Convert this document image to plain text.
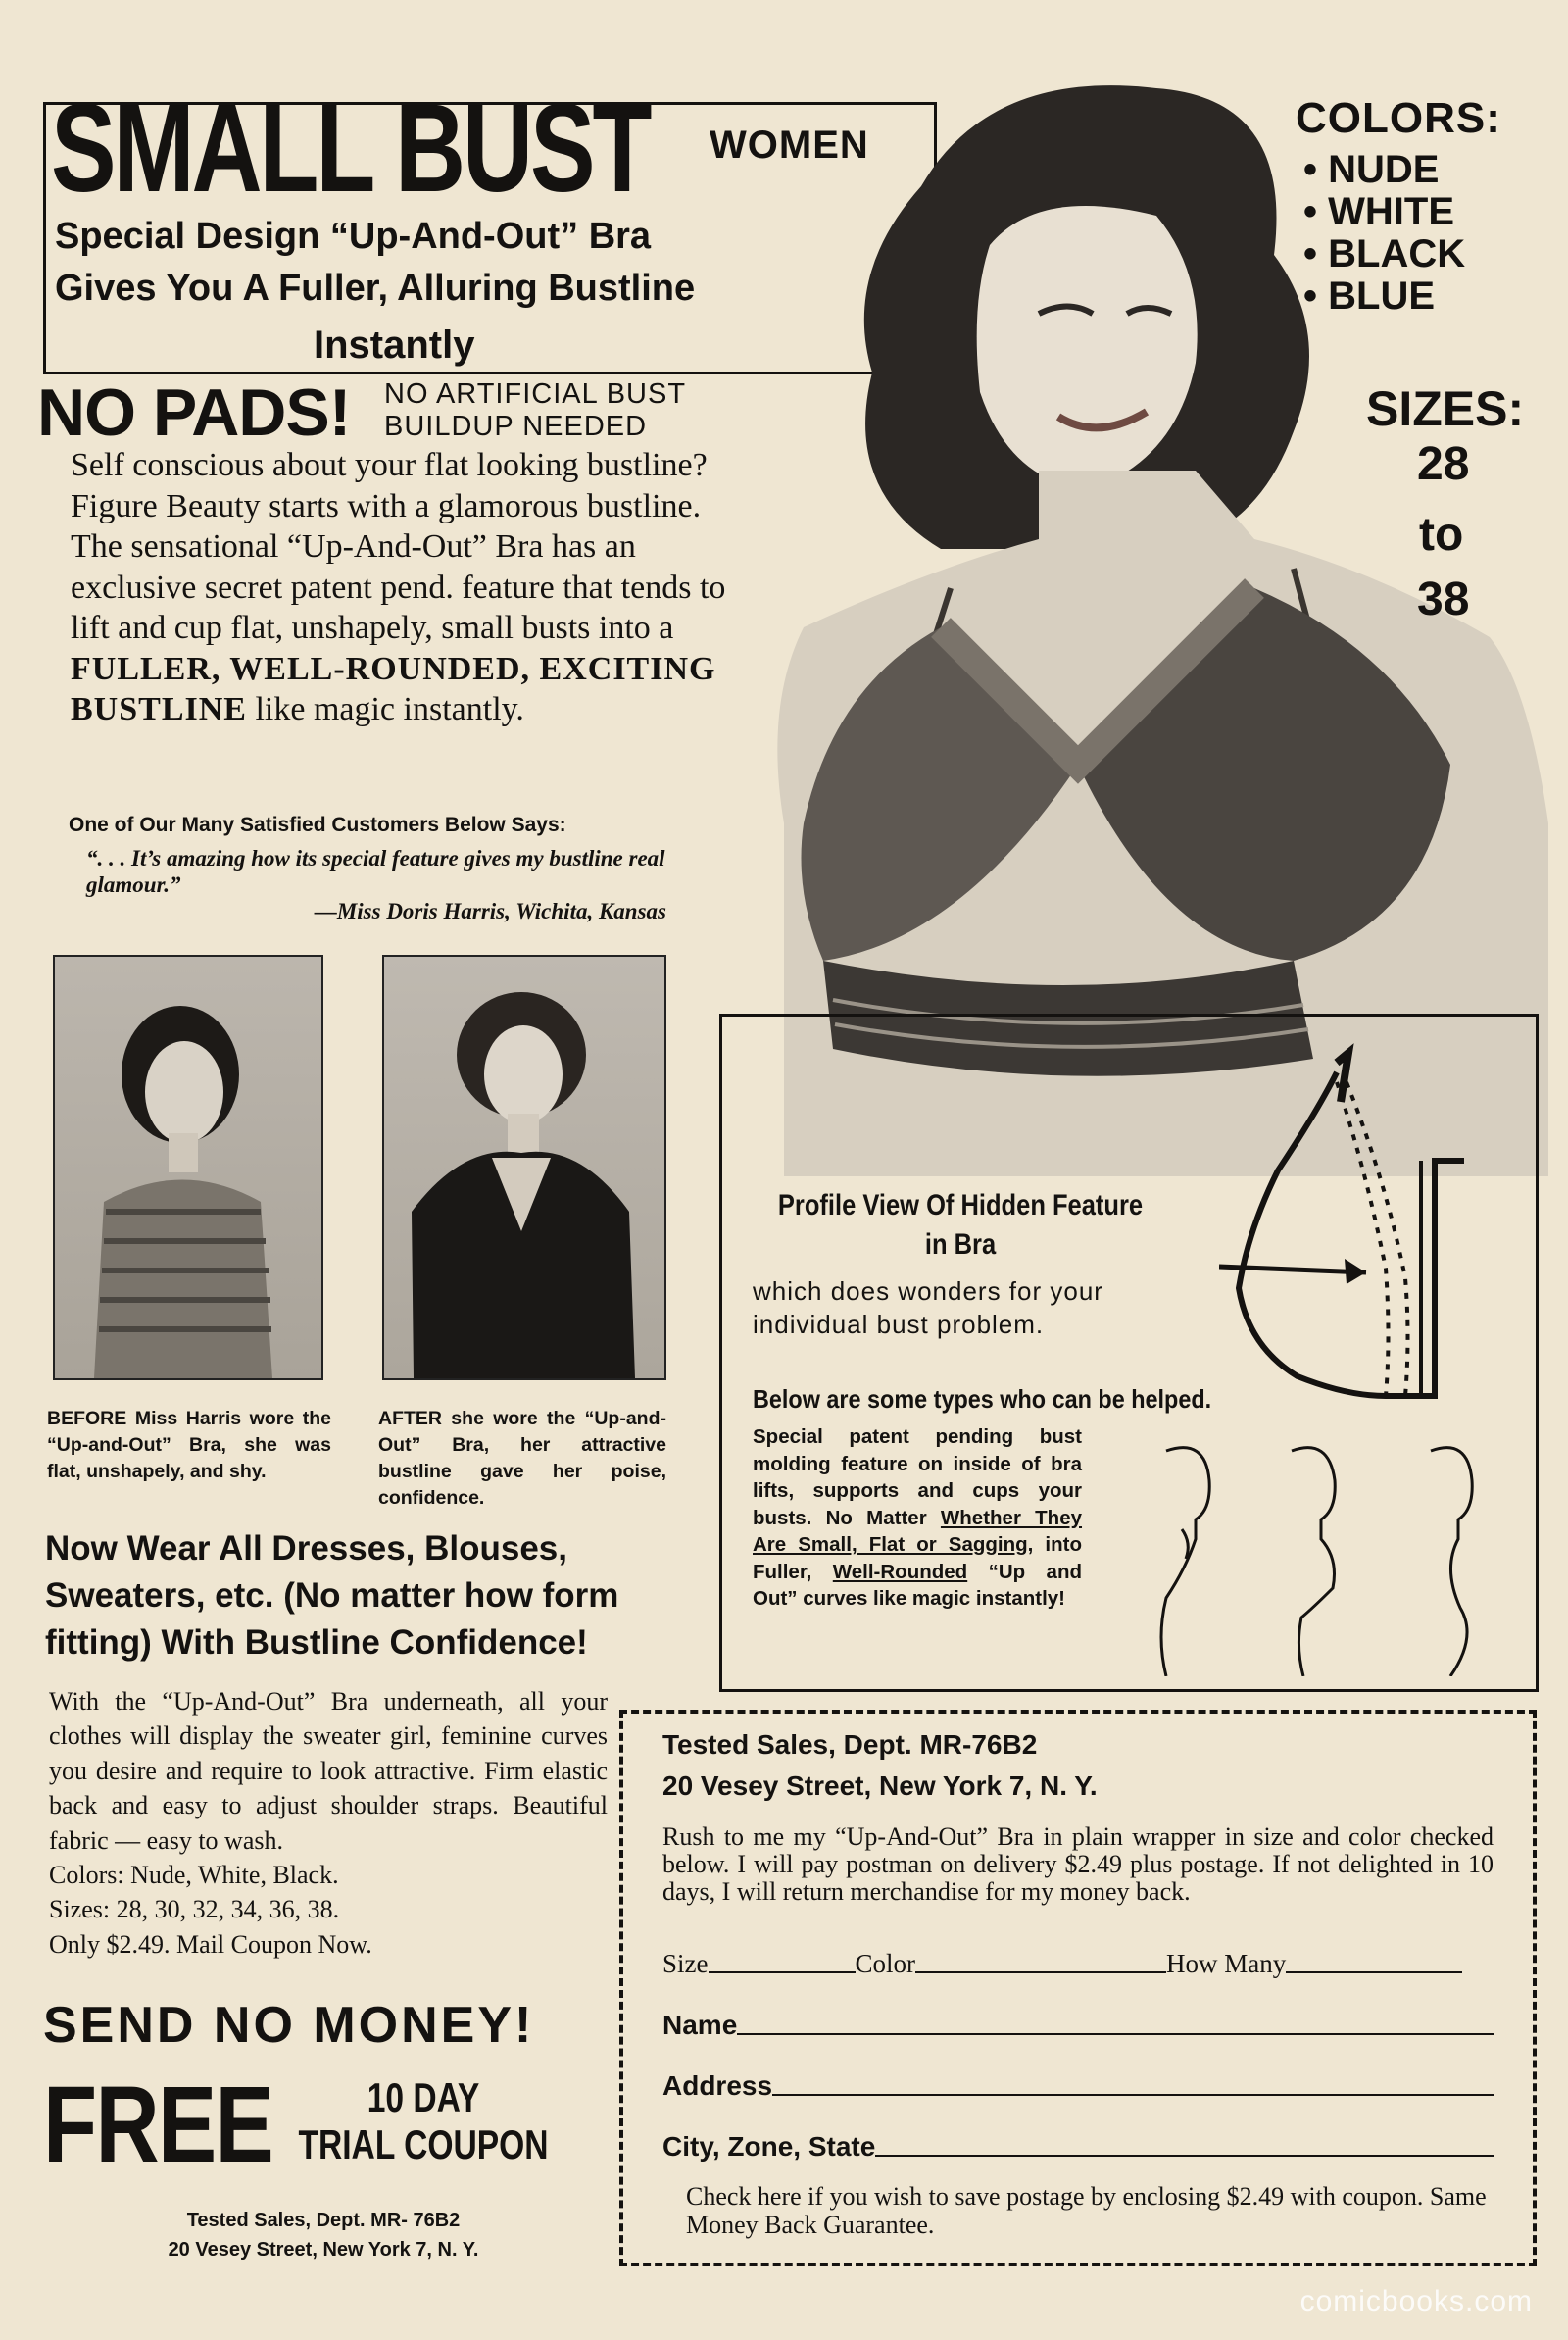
SMALL BUST WOMEN
Special Design “Up-And-Out” Bra
Gives You A Fuller, Alluring Bustline
Instantly
NO PADS! NO ARTIFICIAL BUST BUILDUP NEEDED
Self conscious about your flat looking bustline? Figure Beauty starts with a glamorous bustline. The sensational “Up-And-Out” Bra has an exclusive secret patent pend. feature that tends to lift and cup flat, unshapely, small busts into a FULLER, WELL-ROUNDED, EXCITING BUSTLINE like magic instantly.
One of Our Many Satisfied Customers Below Says:
“. . . It’s amazing how its special feature gives my bustline real glamour.”
—Miss Doris Harris, Wichita, Kansas
BEFORE Miss Harris wore the “Up-and-Out” Bra, she was flat, unshapely, and shy.
AFTER she wore the “Up-and-Out” Bra, her attractive bustline gave her poise, confidence.
Now Wear All Dresses, Blouses, Sweaters, etc. (No matter how form fitting) With Bustline Confidence!
With the “Up-And-Out” Bra underneath, all your clothes will display the sweater girl, feminine curves you desire and require to look attractive. Firm elastic back and easy to adjust shoulder straps. Beautiful fabric — easy to wash.
Colors: Nude, White, Black.
Sizes: 28, 30, 32, 34, 36, 38.
Only $2.49. Mail Coupon Now.
SEND NO MONEY!
FREE	10 DAY
TRIAL COUPON
Tested Sales, Dept. MR- 76B2
20 Vesey Street, New York 7, N. Y.
COLORS:
• NUDE
• WHITE
• BLACK
• BLUE
SIZES:
28
to
38
Profile View Of Hidden Feature in Bra
which does wonders for your individual bust problem.
Below are some types who can be helped.
Special patent pending bust molding feature on inside of bra lifts, supports and cups your busts. No Matter Whether They Are Small, Flat or Sagging, into Fuller, Well-Rounded “Up and Out” curves like magic instantly!
Tested Sales, Dept. MR-76B2
20 Vesey Street, New York 7, N. Y.
Rush to me my “Up-And-Out” Bra in plain wrapper in size and color checked below. I will pay postman on delivery $2.49 plus postage. If not delighted in 10 days, I will return merchandise for my money back.
Size	Color	How Many
Name
Address
City, Zone, State
Check here if you wish to save postage by enclosing $2.49 with coupon. Same Money Back Guarantee.
comicbooks.com
